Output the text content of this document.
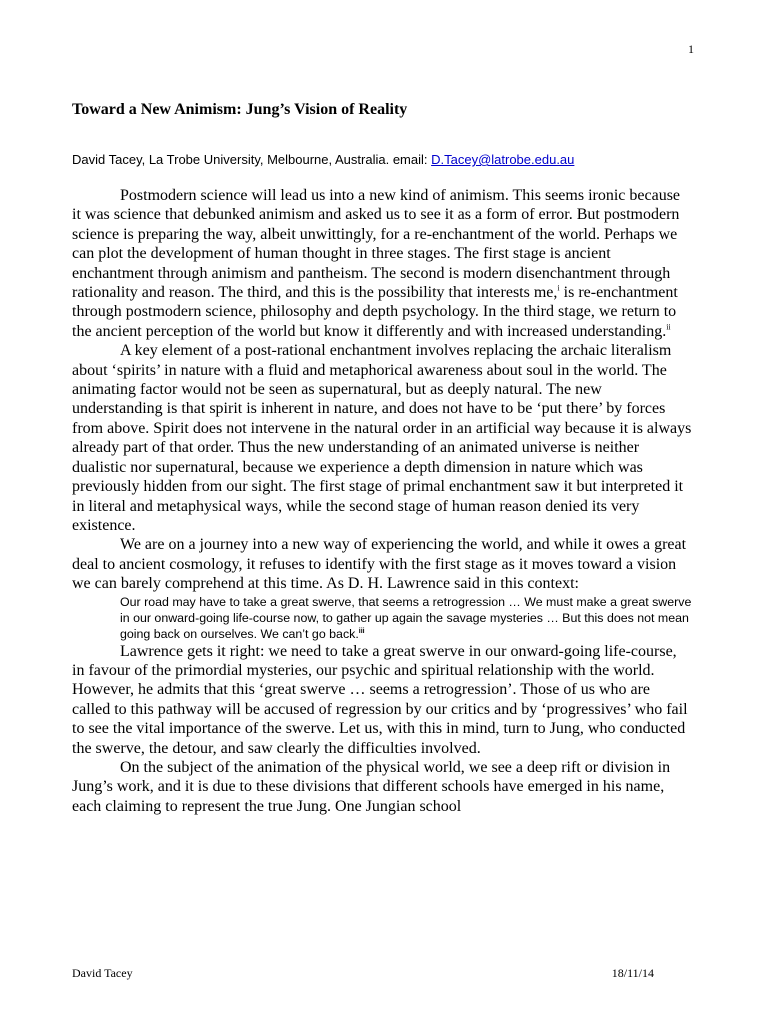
1
Toward a New Animism: Jung’s Vision of Reality
David Tacey, La Trobe University, Melbourne, Australia. email: D.Tacey@latrobe.edu.au

Postmodern science will lead us into a new kind of animism. This seems ironic because it was science that debunked animism and asked us to see it as a form of error. But postmodern science is preparing the way, albeit unwittingly, for a re-enchantment of the world. Perhaps we can plot the development of human thought in three stages. The first stage is ancient enchantment through animism and pantheism. The second is modern disenchantment through rationality and reason. The third, and this is the possibility that interests me,$^i$ is re-enchantment through postmodern science, philosophy and depth psychology. In the third stage, we return to the ancient perception of the world but know it differently and with increased understanding.$^{ii}$

A key element of a post-rational enchantment involves replacing the archaic literalism about ‘spirits’ in nature with a fluid and metaphorical awareness about soul in the world. The animating factor would not be seen as supernatural, but as deeply natural. The new understanding is that spirit is inherent in nature, and does not have to be ‘put there’ by forces from above. Spirit does not intervene in the natural order in an artificial way because it is always already part of that order. Thus the new understanding of an animated universe is neither dualistic nor supernatural, because we experience a depth dimension in nature which was previously hidden from our sight. The first stage of primal enchantment saw it but interpreted it in literal and metaphysical ways, while the second stage of human reason denied its very existence.

We are on a journey into a new way of experiencing the world, and while it owes a great deal to ancient cosmology, it refuses to identify with the first stage as it moves toward a vision we can barely comprehend at this time. As D. H. Lawrence said in this context:

Our road may have to take a great swerve, that seems a retrogression … We must make a great swerve in our onward-going life-course now, to gather up again the savage mysteries … But this does not mean going back on ourselves. We can’t go back.$^{iii}$

Lawrence gets it right: we need to take a great swerve in our onward-going life-course, in favour of the primordial mysteries, our psychic and spiritual relationship with the world. However, he admits that this ‘great swerve … seems a retrogression’. Those of us who are called to this pathway will be accused of regression by our critics and by ‘progressives’ who fail to see the vital importance of the swerve. Let us, with this in mind, turn to Jung, who conducted the swerve, the detour, and saw clearly the difficulties involved.

On the subject of the animation of the physical world, we see a deep rift or division in Jung’s work, and it is due to these divisions that different schools have emerged in his name, each claiming to represent the true Jung. One Jungian school

David Tacey	18/11/14
